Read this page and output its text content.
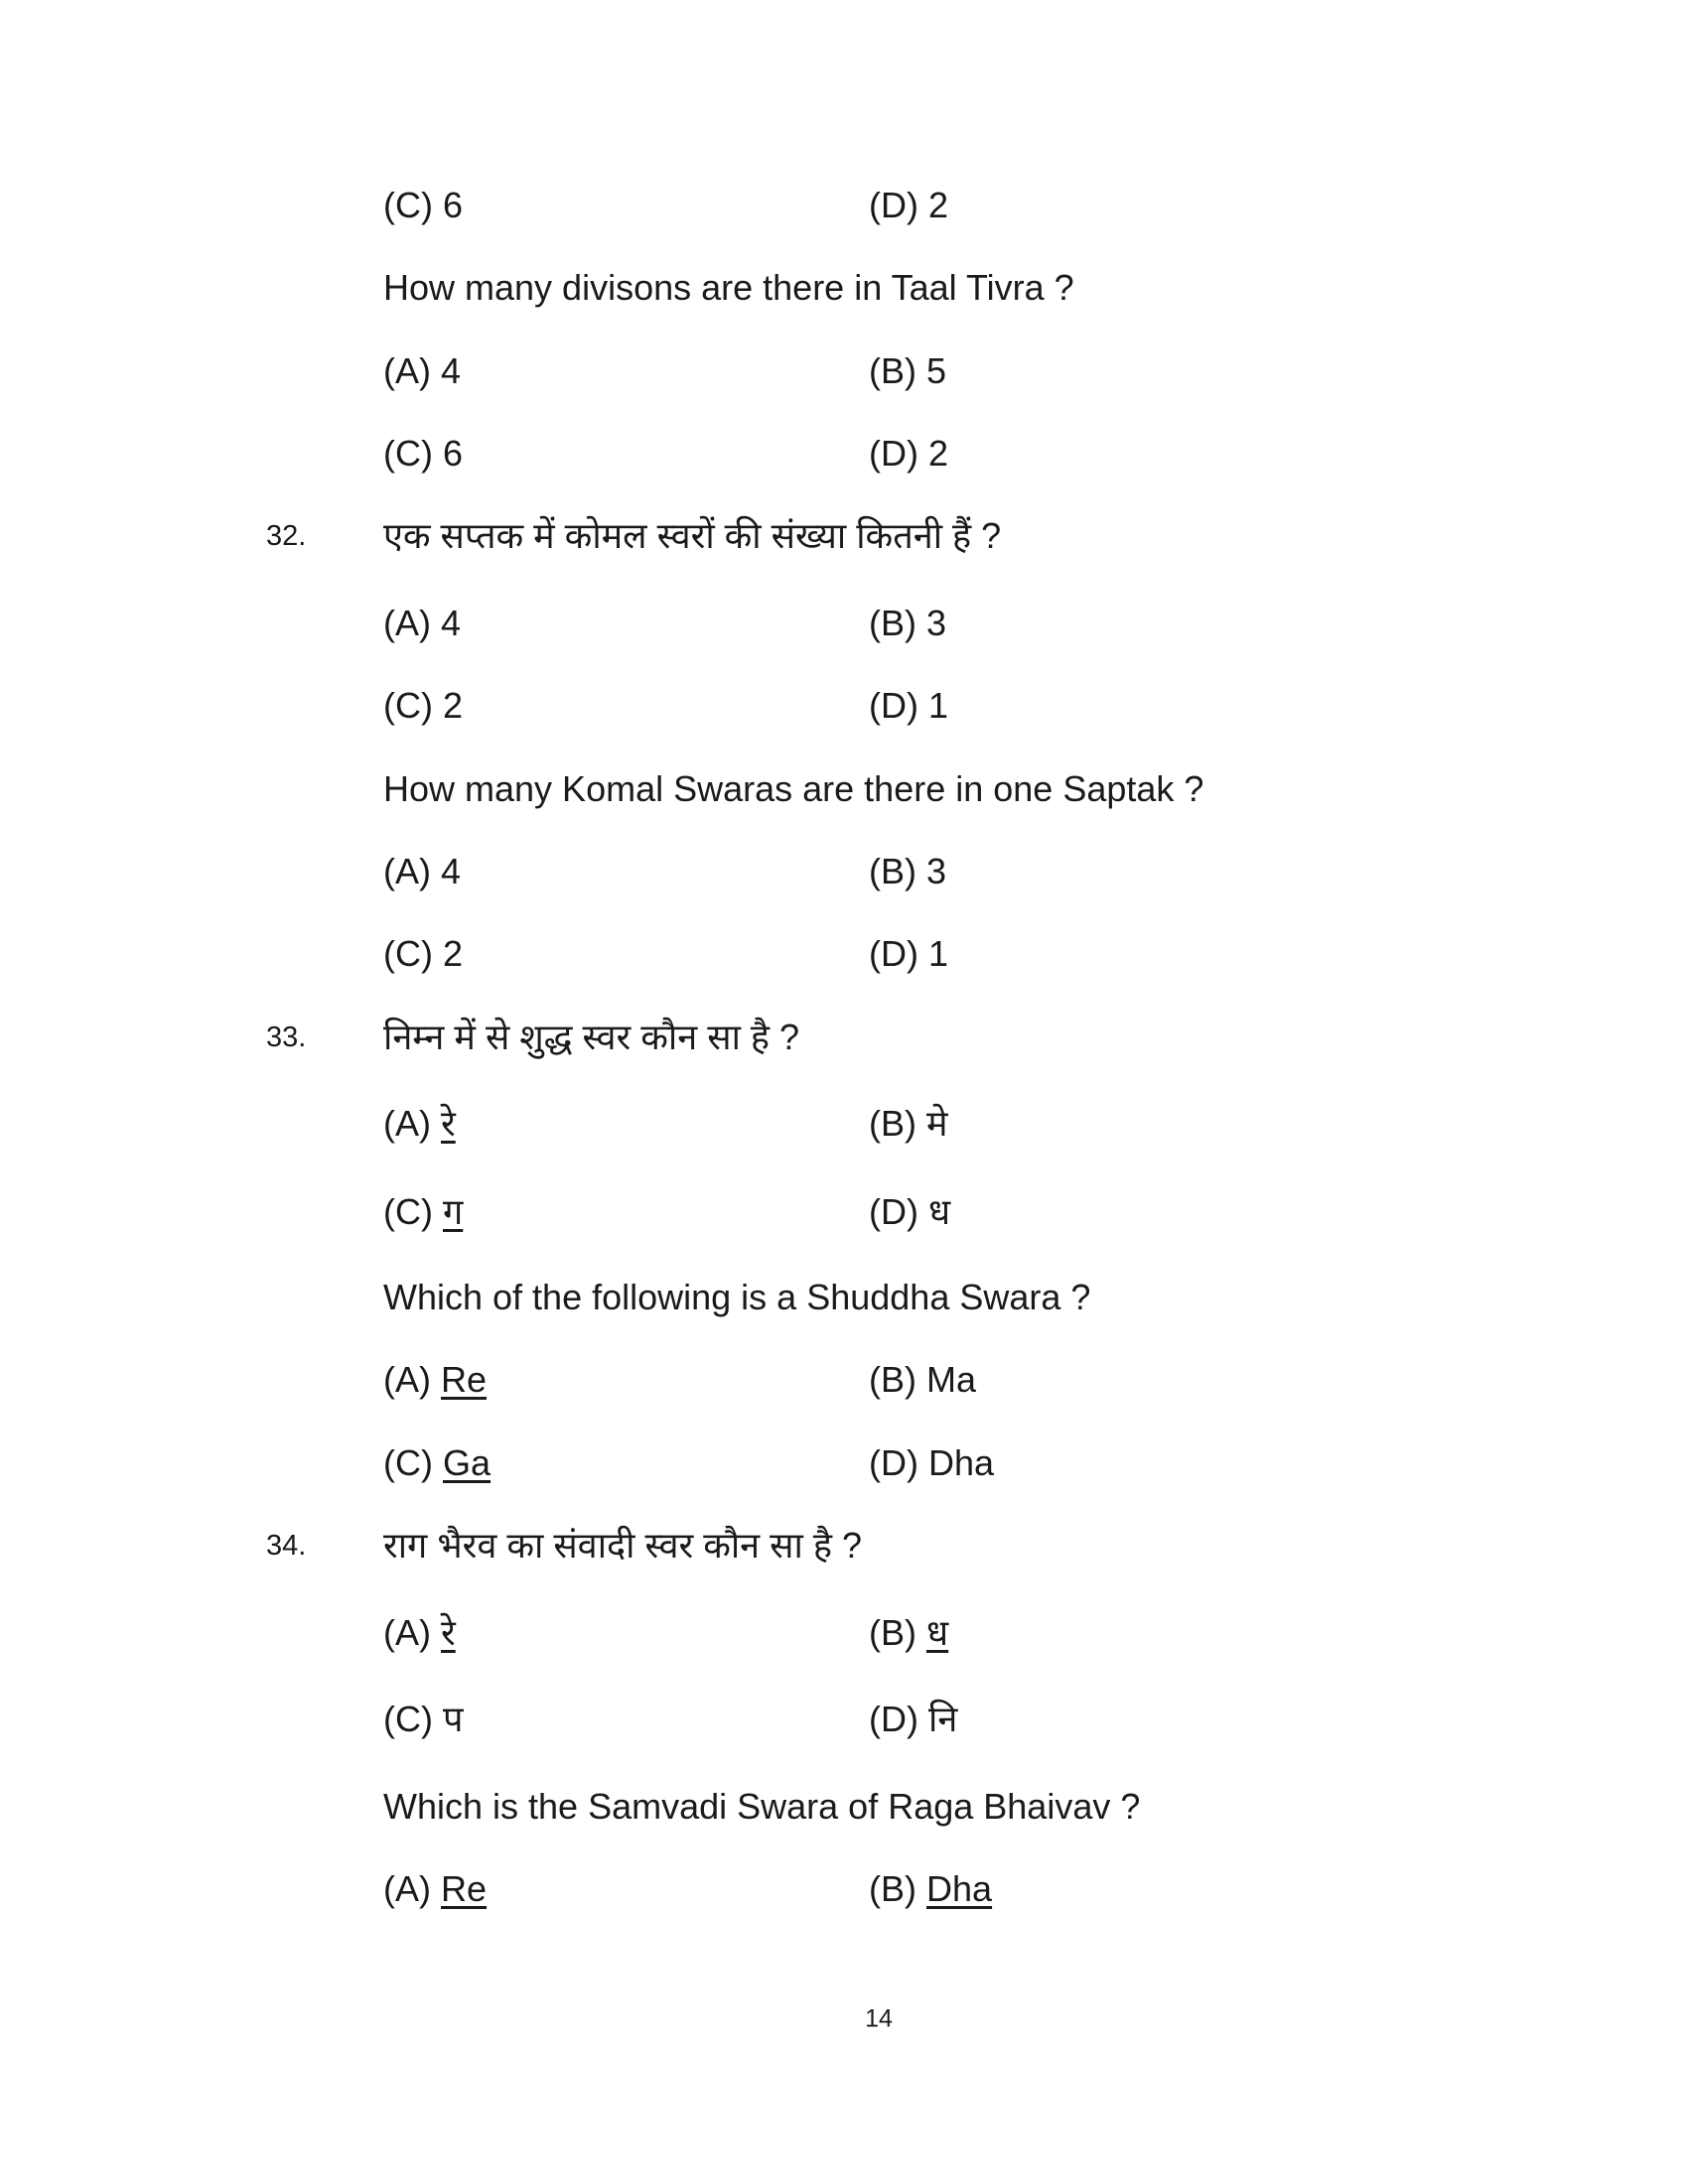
(C) 6	(D) 2
How many divisons are there in Taal Tivra ?
(A) 4	(B) 5
(C) 6	(D) 2
32. एक सप्तक में कोमल स्वरों की संख्या कितनी हैं ?
(A) 4	(B) 3
(C) 2	(D) 1
How many Komal Swaras are there in one Saptak ?
(A) 4	(B) 3
(C) 2	(D) 1
33. निम्न में से शुद्ध स्वर कौन सा है ?
(A) रे	(B) मे
(C) ग	(D) ध
Which of the following is a Shuddha Swara ?
(A) Re	(B) Ma
(C) Ga	(D) Dha
34. राग भैरव का संवादी स्वर कौन सा है ?
(A) रे	(B) ध
(C) प	(D) नि
Which is the Samvadi Swara of Raga Bhaivav ?
(A) Re	(B) Dha
14
